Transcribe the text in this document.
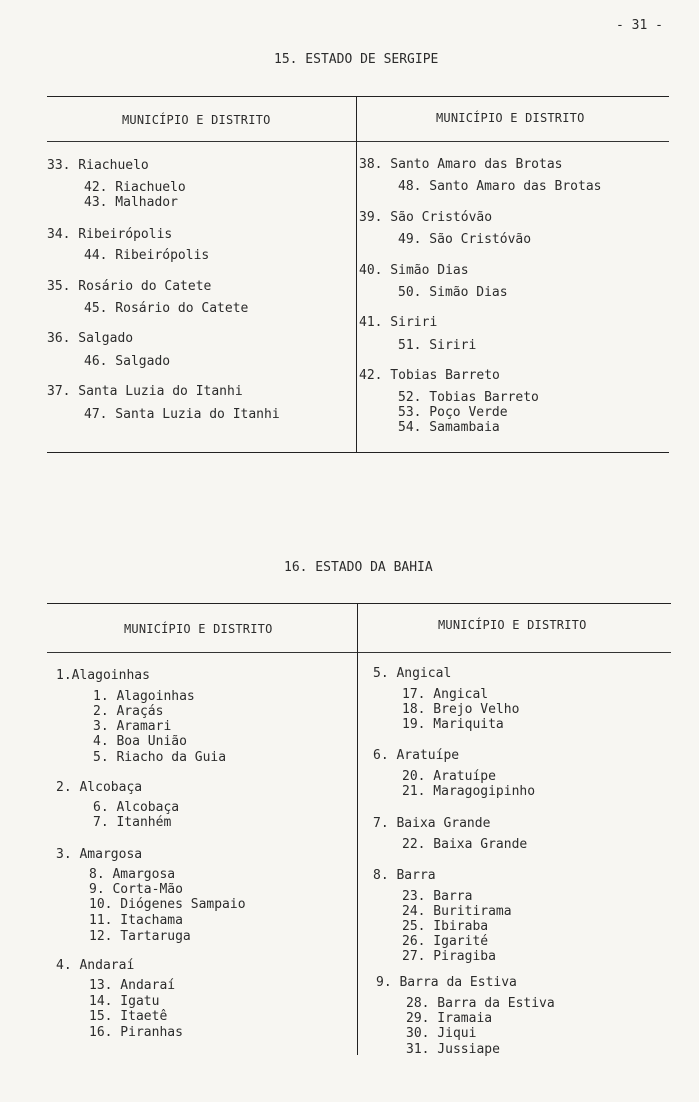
- 31 -
15. ESTADO DE SERGIPE
MUNICÍPIO E DISTRITO	MUNICÍPIO E DISTRITO
33. Riachuelo
42. Riachuelo
43. Malhador
34. Ribeirópolis
44. Ribeirópolis
35. Rosário do Catete
45. Rosário do Catete
36. Salgado
46. Salgado
37. Santa Luzia do Itanhi
47. Santa Luzia do Itanhi
38. Santo Amaro das Brotas
48. Santo Amaro das Brotas
39. São Cristóvão
49. São Cristóvão
40. Simão Dias
50. Simão Dias
41. Siriri
51. Siriri
42. Tobias Barreto
52. Tobias Barreto
53. Poço Verde
54. Samambaia
16. ESTADO DA BAHIA
MUNICÍPIO E DISTRITO	MUNICÍPIO E DISTRITO
1.Alagoinhas
1. Alagoinhas
2. Araçás
3. Aramari
4. Boa União
5. Riacho da Guia
2. Alcobaça
6. Alcobaça
7. Itanhém
3. Amargosa
8. Amargosa
9. Corta-Mão
10. Diógenes Sampaio
11. Itachama
12. Tartaruga
4. Andaraí
13. Andaraí
14. Igatu
15. Itaetê
16. Piranhas
5. Angical
17. Angical
18. Brejo Velho
19. Mariquita
6. Aratuípe
20. Aratuípe
21. Maragogipinho
7. Baixa Grande
22. Baixa Grande
8. Barra
23. Barra
24. Buritirama
25. Ibiraba
26. Igarité
27. Piragiba
9. Barra da Estiva
28. Barra da Estiva
29. Iramaia
30. Jiqui
31. Jussiape
